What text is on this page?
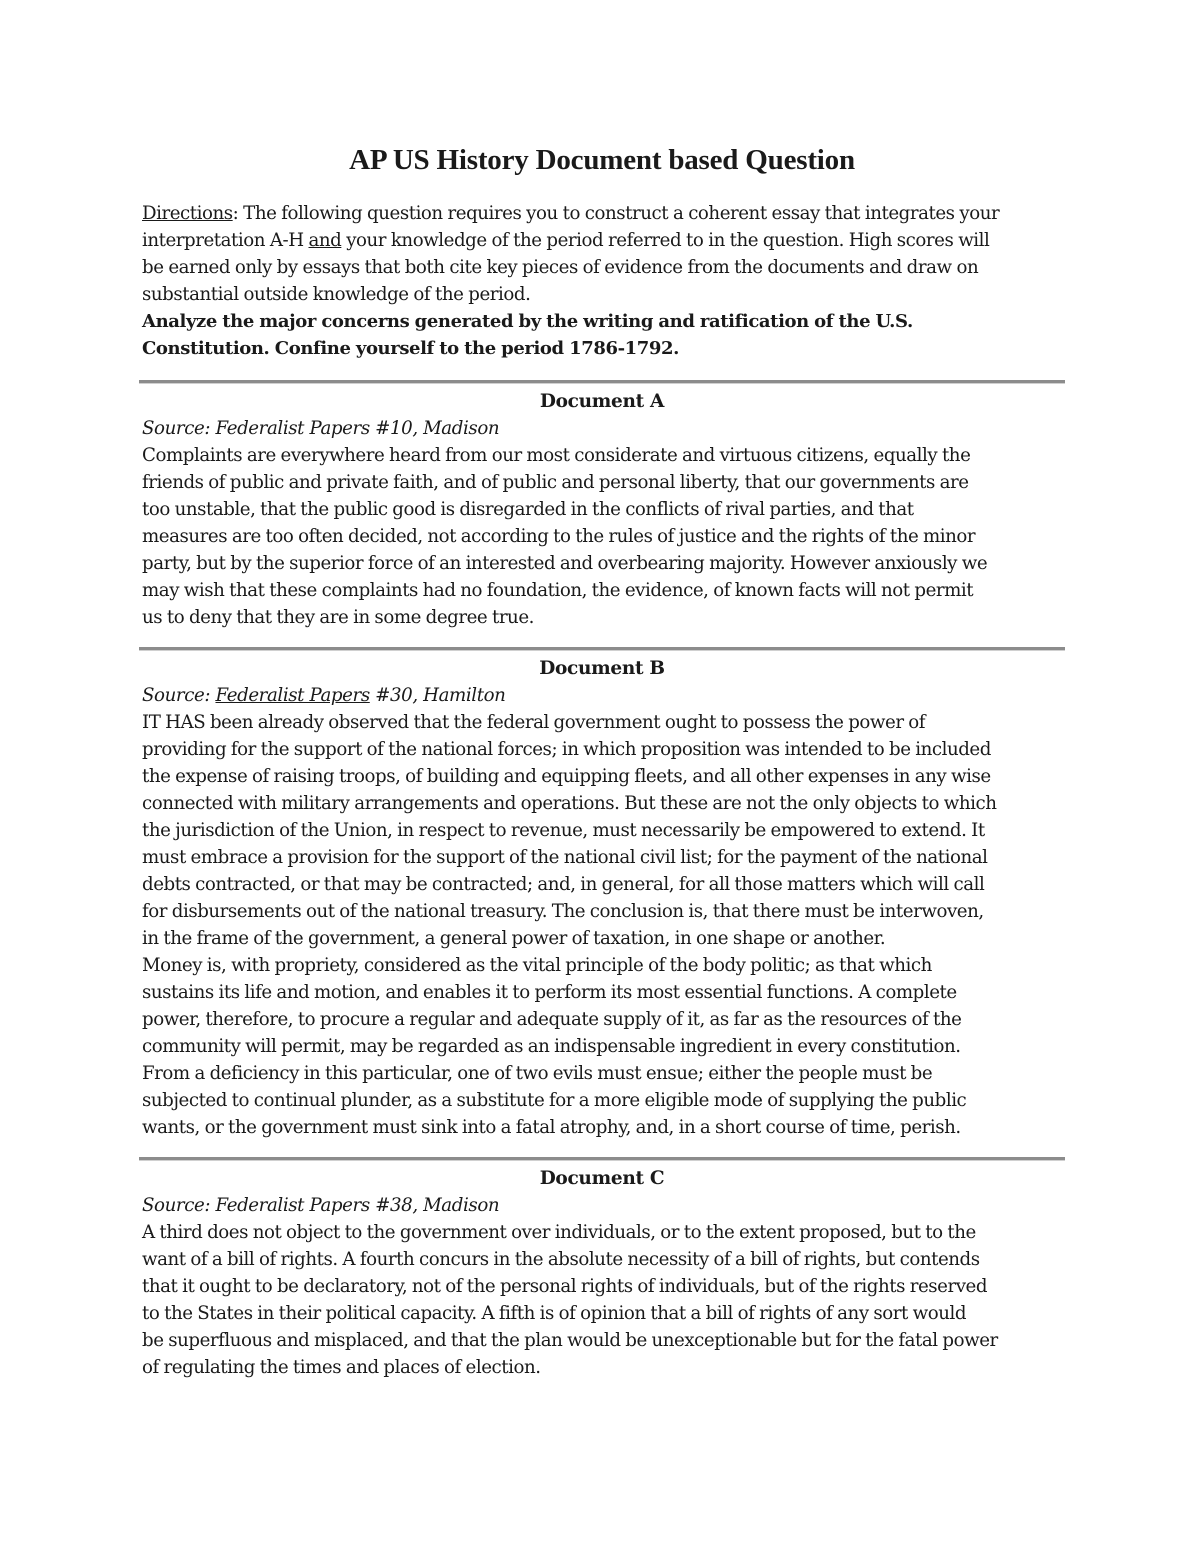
AP US History Document based Question
Directions: The following question requires you to construct a coherent essay that integrates your
interpretation A-H and your knowledge of the period referred to in the question. High scores will
be earned only by essays that both cite key pieces of evidence from the documents and draw on
substantial outside knowledge of the period.
Analyze the major concerns generated by the writing and ratification of the U.S.
Constitution. Confine yourself to the period 1786-1792.
Document A
Source: Federalist Papers #10, Madison
Complaints are everywhere heard from our most considerate and virtuous citizens, equally the
friends of public and private faith, and of public and personal liberty, that our governments are
too unstable, that the public good is disregarded in the conflicts of rival parties, and that
measures are too often decided, not according to the rules of justice and the rights of the minor
party, but by the superior force of an interested and overbearing majority. However anxiously we
may wish that these complaints had no foundation, the evidence, of known facts will not permit
us to deny that they are in some degree true.
Document B
Source: Federalist Papers #30, Hamilton
IT HAS been already observed that the federal government ought to possess the power of
providing for the support of the national forces; in which proposition was intended to be included
the expense of raising troops, of building and equipping fleets, and all other expenses in any wise
connected with military arrangements and operations. But these are not the only objects to which
the jurisdiction of the Union, in respect to revenue, must necessarily be empowered to extend. It
must embrace a provision for the support of the national civil list; for the payment of the national
debts contracted, or that may be contracted; and, in general, for all those matters which will call
for disbursements out of the national treasury. The conclusion is, that there must be interwoven,
in the frame of the government, a general power of taxation, in one shape or another.
Money is, with propriety, considered as the vital principle of the body politic; as that which
sustains its life and motion, and enables it to perform its most essential functions. A complete
power, therefore, to procure a regular and adequate supply of it, as far as the resources of the
community will permit, may be regarded as an indispensable ingredient in every constitution.
From a deficiency in this particular, one of two evils must ensue; either the people must be
subjected to continual plunder, as a substitute for a more eligible mode of supplying the public
wants, or the government must sink into a fatal atrophy, and, in a short course of time, perish.
Document C
Source: Federalist Papers #38, Madison
A third does not object to the government over individuals, or to the extent proposed, but to the
want of a bill of rights. A fourth concurs in the absolute necessity of a bill of rights, but contends
that it ought to be declaratory, not of the personal rights of individuals, but of the rights reserved
to the States in their political capacity. A fifth is of opinion that a bill of rights of any sort would
be superfluous and misplaced, and that the plan would be unexceptionable but for the fatal power
of regulating the times and places of election.
